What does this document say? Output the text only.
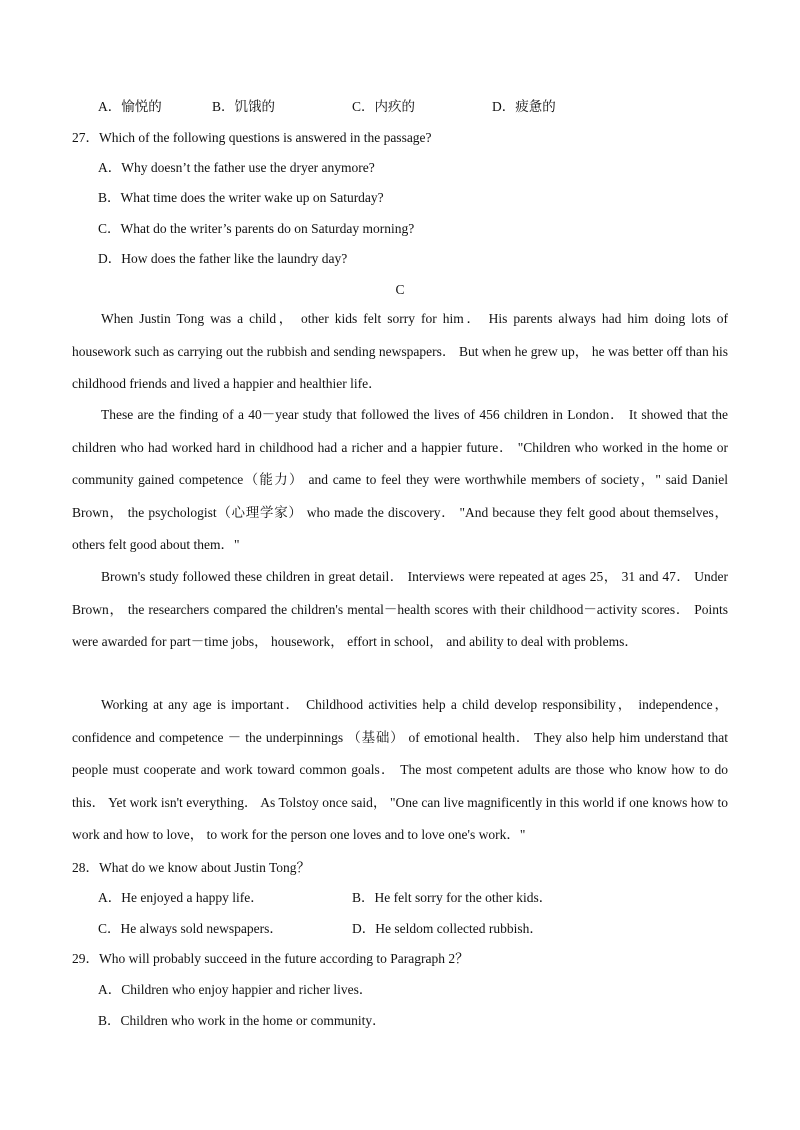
A．愉悦的	B．饥饿的	C．内疚的	D．疲惫的
27．Which of the following questions is answered in the passage?
A．Why doesn’t the father use the dryer anymore?
B．What time does the writer wake up on Saturday?
C．What do the writer’s parents do on Saturday morning?
D．How does the father like the laundry day?
C
When Justin Tong was a child， other kids felt sorry for him． His parents always had him doing lots of housework such as carrying out the rubbish and sending newspapers． But when he grew up， he was better off than his childhood friends and lived a happier and healthier life．
These are the finding of a 40－year study that followed the lives of 456 children in London． It showed that the children who had worked hard in childhood had a richer and a happier future． "Children who worked in the home or community gained competence（能力） and came to feel they were worthwhile members of society，" said Daniel Brown， the psychologist（心理学家） who made the discovery． "And because they felt good about themselves， others felt good about them．"
Brown's study followed these children in great detail． Interviews were repeated at ages 25， 31 and 47． Under Brown， the researchers compared the children's mental－health scores with their childhood－activity scores． Points were awarded for part－time jobs， housework， effort in school， and ability to deal with problems．
Working at any age is important． Childhood activities help a child develop responsibility， independence， confidence and competence － the underpinnings （基础） of emotional health． They also help him understand that people must cooperate and work toward common goals． The most competent adults are those who know how to do this． Yet work isn't everything． As Tolstoy once said， "One can live magnificently in this world if one knows how to work and how to love， to work for the person one loves and to love one's work．"
28．What do we know about Justin Tong？
A．He enjoyed a happy life．	B．He felt sorry for the other kids．
C．He always sold newspapers．	D．He seldom collected rubbish．
29．Who will probably succeed in the future according to Paragraph 2？
A．Children who enjoy happier and richer lives．
B．Children who work in the home or community．
